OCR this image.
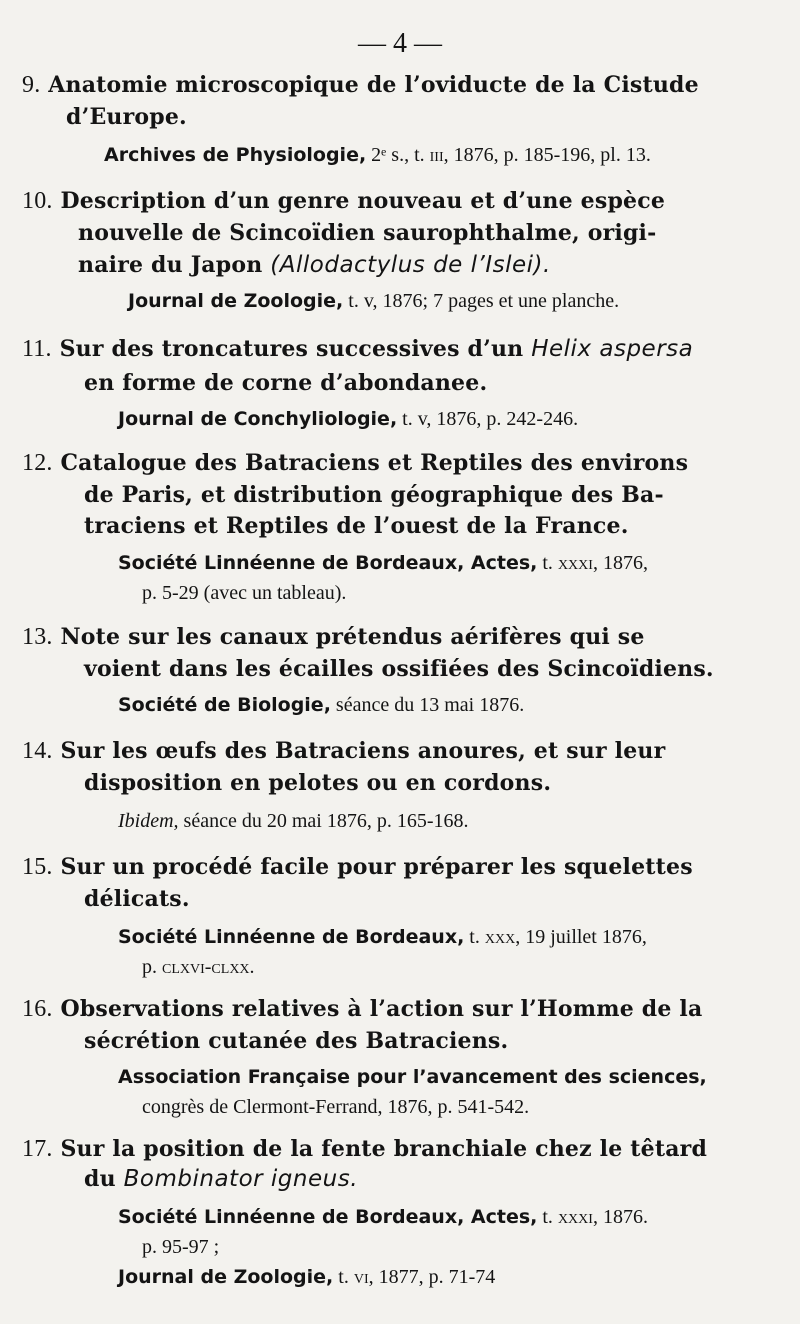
— 4 —
9. Anatomie microscopique de l’oviducte de la Cistude
d’Europe.
Archives de Physiologie, 2ᵉ s., t. iii, 1876, p. 185-196, pl. 13.
10. Description d’un genre nouveau et d’une espèce
nouvelle de Scincoïdien saurophthalme, origi-
naire du Japon (Allodactylus de l’Islei).
Journal de Zoologie, t. v, 1876; 7 pages et une planche.
11. Sur des troncatures successives d’un Helix aspersa
en forme de corne d’abondanee.
Journal de Conchyliologie, t. v, 1876, p. 242-246.
12. Catalogue des Batraciens et Reptiles des environs
de Paris, et distribution géographique des Ba-
traciens et Reptiles de l’ouest de la France.
Société Linnéenne de Bordeaux, Actes, t. xxxi, 1876,
p. 5-29 (avec un tableau).
13. Note sur les canaux prétendus aérifères qui se
voient dans les écailles ossifiées des Scincoïdiens.
Société de Biologie, séance du 13 mai 1876.
14. Sur les œufs des Batraciens anoures, et sur leur
disposition en pelotes ou en cordons.
Ibidem, séance du 20 mai 1876, p. 165-168.
15. Sur un procédé facile pour préparer les squelettes
délicats.
Société Linnéenne de Bordeaux, t. xxx, 19 juillet 1876,
p. clxvi-clxx.
16. Observations relatives à l’action sur l’Homme de la
sécrétion cutanée des Batraciens.
Association Française pour l’avancement des sciences,
congrès de Clermont-Ferrand, 1876, p. 541-542.
17. Sur la position de la fente branchiale chez le têtard
du Bombinator igneus.
Société Linnéenne de Bordeaux, Actes, t. xxxi, 1876.
p. 95-97 ;
Journal de Zoologie, t. vi, 1877, p. 71-74
